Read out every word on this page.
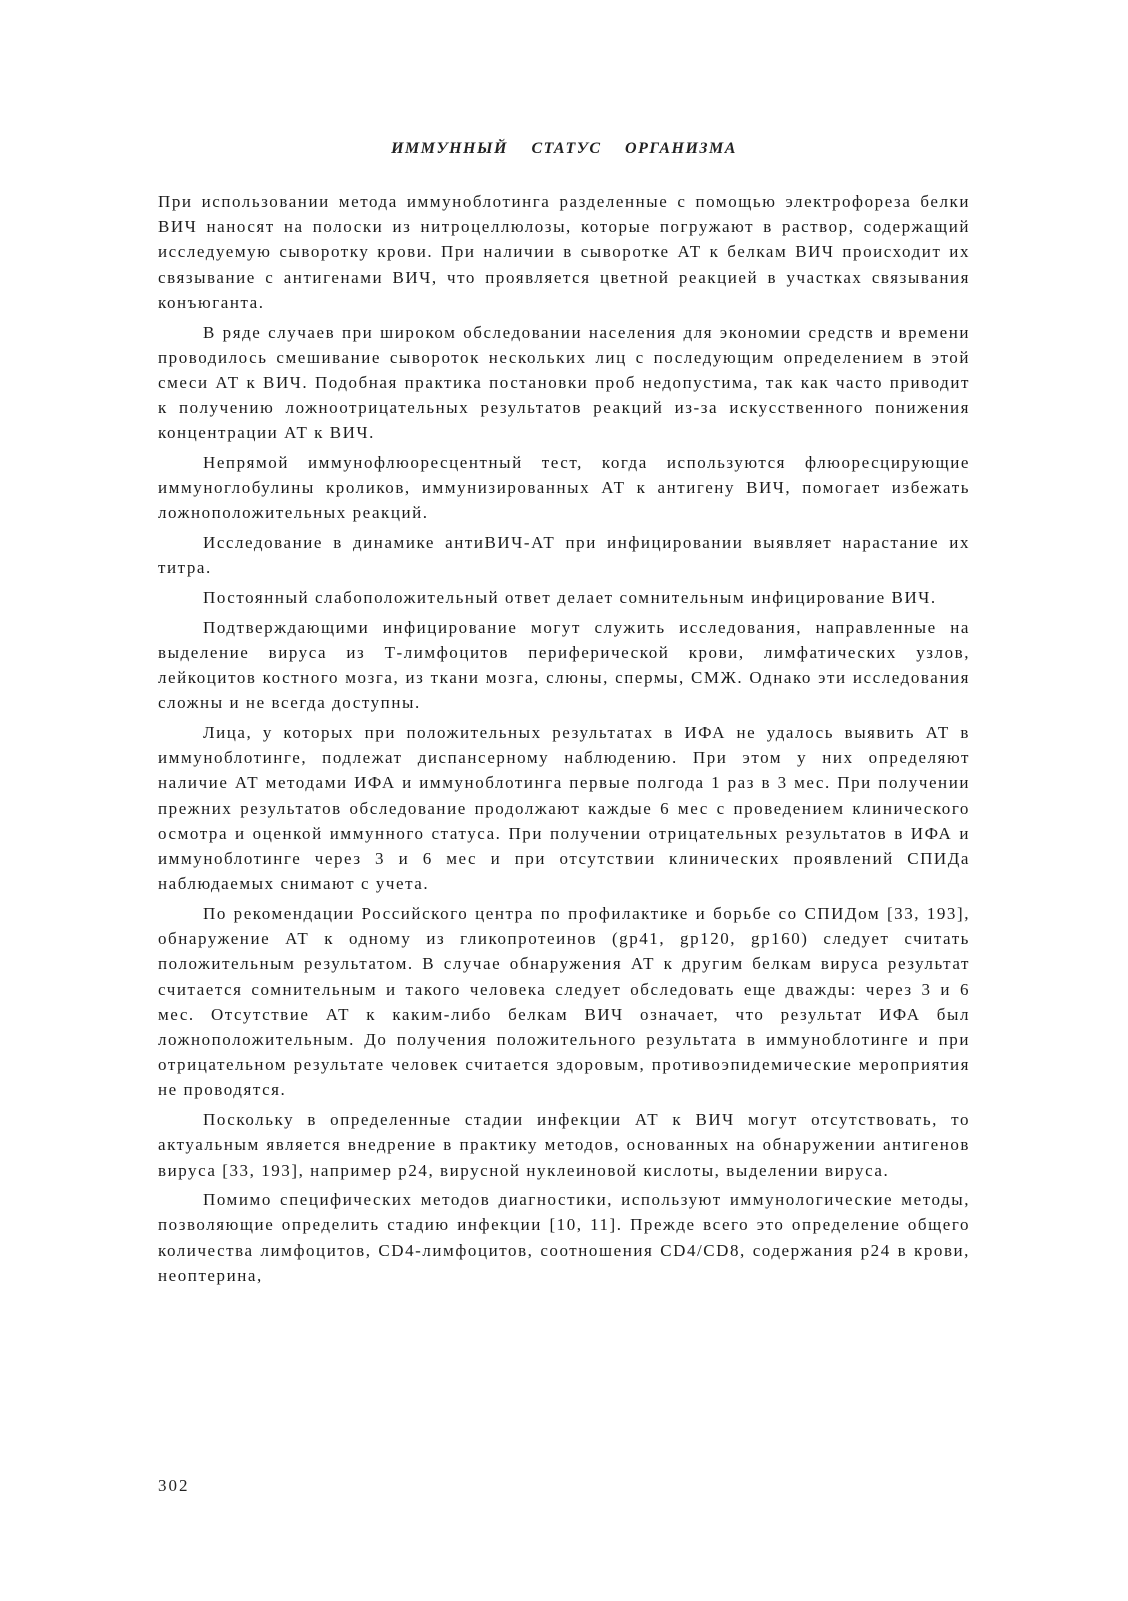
ИММУННЫЙ СТАТУС ОРГАНИЗМА

При использовании метода иммуноблотинга разделенные с помощью электрофореза белки ВИЧ наносят на полоски из нитроцеллюлозы, которые погружают в раствор, содержащий исследуемую сыворотку крови. При наличии в сыворотке АТ к белкам ВИЧ происходит их связывание с антигенами ВИЧ, что проявляется цветной реакцией в участках связывания конъюганта.

В ряде случаев при широком обследовании населения для экономии средств и времени проводилось смешивание сывороток нескольких лиц с последующим определением в этой смеси АТ к ВИЧ. Подобная практика постановки проб недопустима, так как часто приводит к получению ложноотрицательных результатов реакций из-за искусственного понижения концентрации АТ к ВИЧ.

Непрямой иммунофлюоресцентный тест, когда используются флюоресцирующие иммуноглобулины кроликов, иммунизированных АТ к антигену ВИЧ, помогает избежать ложноположительных реакций.

Исследование в динамике антиВИЧ-АТ при инфицировании выявляет нарастание их титра.

Постоянный слабоположительный ответ делает сомнительным инфицирование ВИЧ.

Подтверждающими инфицирование могут служить исследования, направленные на выделение вируса из Т-лимфоцитов периферической крови, лимфатических узлов, лейкоцитов костного мозга, из ткани мозга, слюны, спермы, СМЖ. Однако эти исследования сложны и не всегда доступны.

Лица, у которых при положительных результатах в ИФА не удалось выявить АТ в иммуноблотинге, подлежат диспансерному наблюдению. При этом у них определяют наличие АТ методами ИФА и иммуноблотинга первые полгода 1 раз в 3 мес. При получении прежних результатов обследование продолжают каждые 6 мес с проведением клинического осмотра и оценкой иммунного статуса. При получении отрицательных результатов в ИФА и иммуноблотинге через 3 и 6 мес и при отсутствии клинических проявлений СПИДа наблюдаемых снимают с учета.

По рекомендации Российского центра по профилактике и борьбе со СПИДом [33, 193], обнаружение АТ к одному из гликопротеинов (gp41, gp120, gp160) следует считать положительным результатом. В случае обнаружения АТ к другим белкам вируса результат считается сомнительным и такого человека следует обследовать еще дважды: через 3 и 6 мес. Отсутствие АТ к каким-либо белкам ВИЧ означает, что результат ИФА был ложноположительным. До получения положительного результата в иммуноблотинге и при отрицательном результате человек считается здоровым, противоэпидемические мероприятия не проводятся.

Поскольку в определенные стадии инфекции АТ к ВИЧ могут отсутствовать, то актуальным является внедрение в практику методов, основанных на обнаружении антигенов вируса [33, 193], например р24, вирусной нуклеиновой кислоты, выделении вируса.

Помимо специфических методов диагностики, используют иммунологические методы, позволяющие определить стадию инфекции [10, 11]. Прежде всего это определение общего количества лимфоцитов, CD4-лимфоцитов, соотношения CD4/CD8, содержания р24 в крови, неоптерина,

302
